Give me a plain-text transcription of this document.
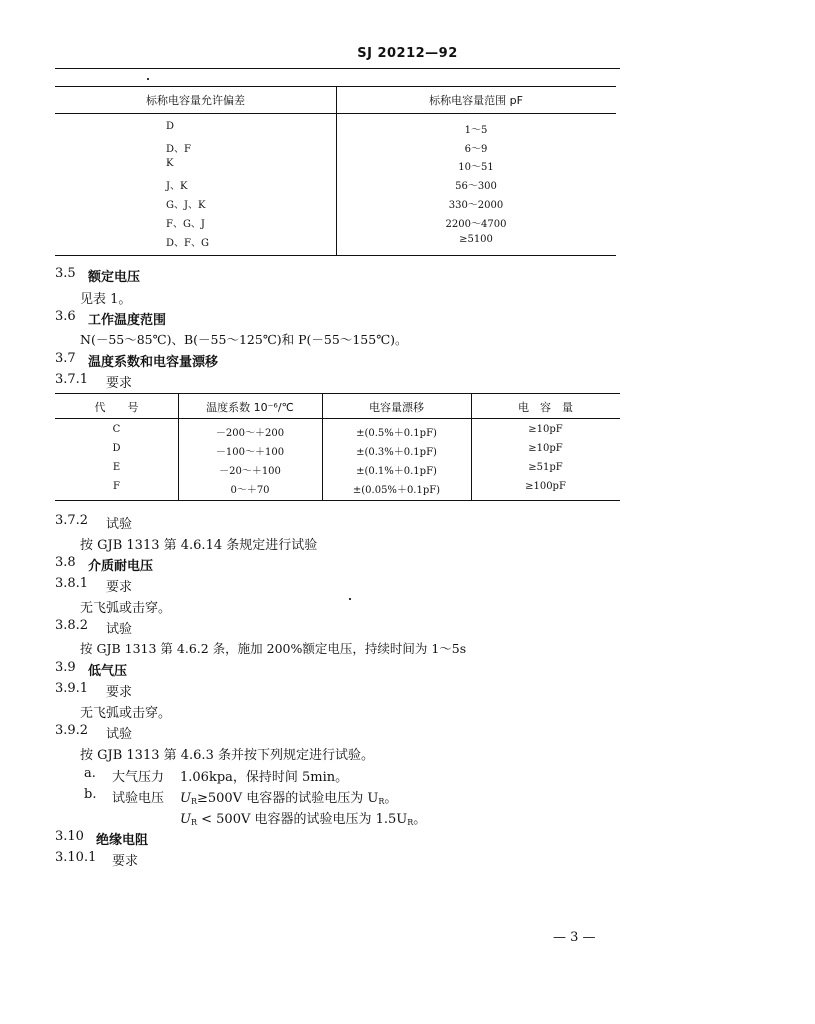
SJ 20212—92
标称电容量允许偏差	标称电容量范围 pF
D	1～5
D、F	6～9
K	10～51
J、K	56～300
G、J、K	330～2000
F、G、J	2200～4700
D、F、G	≥5100
3.5 额定电压
见表 1。
3.6 工作温度范围
N(－55～85℃)、B(－55～125℃)和 P(－55～155℃)。
3.7 温度系数和电容量漂移
3.7.1 要求
代　　号	温度系数 10⁻⁶/℃	电容量漂移	电　容　量
C	－200～＋200	±(0.5%＋0.1pF)	≥10pF
D	－100～＋100	±(0.3%＋0.1pF)	≥10pF
E	－20～＋100	±(0.1%＋0.1pF)	≥51pF
F	0～＋70	±(0.05%＋0.1pF)	≥100pF
3.7.2 试验
按 GJB 1313 第 4.6.14 条规定进行试验
3.8 介质耐电压
3.8.1 要求
无飞弧或击穿。
3.8.2 试验
按 GJB 1313 第 4.6.2 条，施加 200%额定电压，持续时间为 1～5s
3.9 低气压
3.9.1 要求
无飞弧或击穿。
3.9.2 试验
按 GJB 1313 第 4.6.3 条并按下列规定进行试验。
a. 大气压力 1.06kpa，保持时间 5min。
b. 试验电压 $U_R\ge 500V$ 电容器的试验电压为 $U_R$。
$U_R < 500V$ 电容器的试验电压为 $1.5U_R$。
3.10 绝缘电阻
3.10.1 要求
— 3 —
